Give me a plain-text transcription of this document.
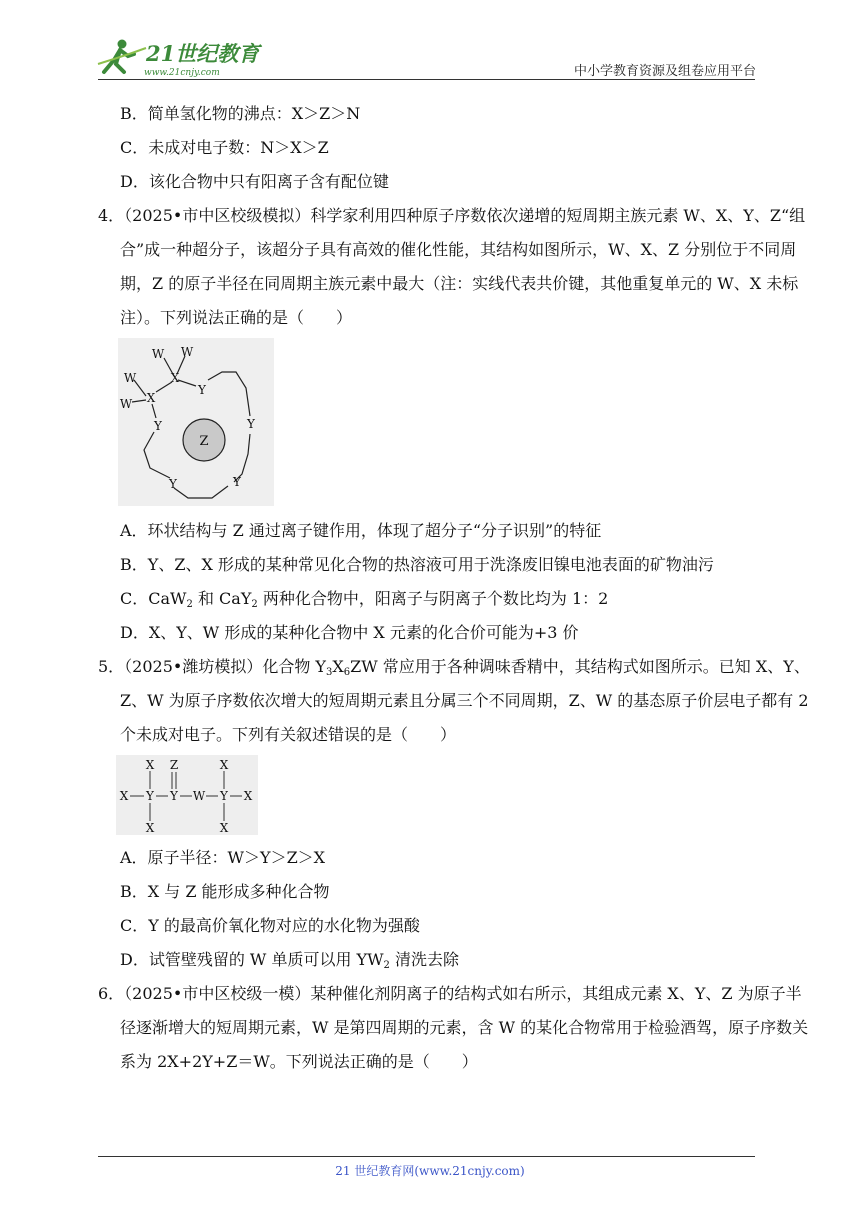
21世纪教育
www.21cnjy.com	中小学教育资源及组卷应用平台
B．简单氢化物的沸点：X＞Z＞N
C．未成对电子数：N＞X＞Z
D．该化合物中只有阳离子含有配位键
4．（2025•市中区校级模拟）科学家利用四种原子序数依次递增的短周期主族元素 W、X、Y、Z“组
合”成一种超分子，该超分子具有高效的催化性能，其结构如图所示，W、X、Z 分别位于不同周
期，Z 的原子半径在同周期主族元素中最大（注：实线代表共价键，其他重复单元的 W、X 未标
注）。下列说法正确的是（　　）
W W
X
Y
W
W X
Y	Y
Y
Y
Z
A．环状结构与 Z 通过离子键作用，体现了超分子“分子识别”的特征
B．Y、Z、X 形成的某种常见化合物的热溶液可用于洗涤废旧镍电池表面的矿物油污
C．CaW$_2$ 和 CaY$_2$ 两种化合物中，阳离子与阴离子个数比均为 1：2
D．X、Y、W 形成的某种化合物中 X 元素的化合价可能为+3 价
5．（2025•潍坊模拟）化合物 $Y_3X_6ZW$ 常应用于各种调味香精中，其结构式如图所示。已知 X、Y、
Z、W 为原子序数依次增大的短周期元素且分属三个不同周期，Z、W 的基态原子价层电子都有 2
个未成对电子。下列有关叙述错误的是（　　）
X Y Y W Y X
X Z	X
X	X
A．原子半径：W＞Y＞Z＞X
B．X 与 Z 能形成多种化合物
C．Y 的最高价氧化物对应的水化物为强酸
D．试管壁残留的 W 单质可以用 $YW_2$ 清洗去除
6．（2025•市中区校级一模）某种催化剂阴离子的结构式如右所示，其组成元素 X、Y、Z 为原子半
径逐渐增大的短周期元素，W 是第四周期的元素，含 W 的某化合物常用于检验酒驾，原子序数关
系为 2X+2Y+Z＝W。下列说法正确的是（　　）
21 世纪教育网(www.21cnjy.com)
